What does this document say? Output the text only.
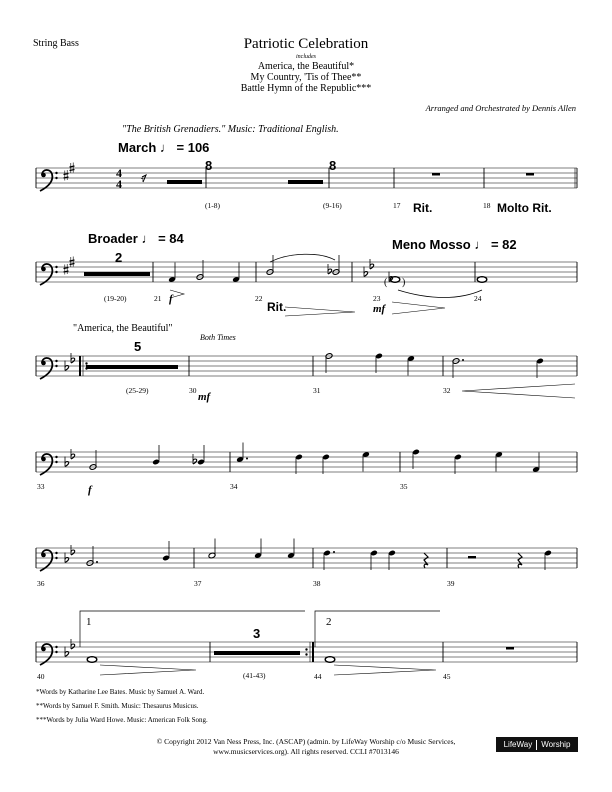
String Bass	Patriotic Celebration
includes
America, the Beautiful*
My Country, 'Tis of Thee**
Battle Hymn of the Republic***
Arranged and Orchestrated by Dennis Allen
"The British Grenadiers." Music: Traditional English.
March ♩ = 106
8	8
(1-8)	(9-16)	17	18
Rit.	Molto Rit.
Broader ♩ = 84	Meno Mosso ♩ = 82
2
(19-20)	21	22	23	24
f
Rit.	mf
"America, the Beautiful"
Both Times
5
(25-29)	30	31	32
mf
33	34	35
f
36	37	38	39
1	2
3
(41-43)
40	44	45
*Words by Katharine Lee Bates. Music by Samuel A. Ward.
**Words by Samuel F. Smith. Music: Thesaurus Musicus.
***Words by Julia Ward Howe. Music: American Folk Song.
© Copyright 2012 Van Ness Press, Inc. (ASCAP) (admin. by LifeWay Worship c/o Music Services,
www.musicservices.org). All rights reserved. CCLI #7013146
LifeWay Worship
4
4 𝄾
( )
